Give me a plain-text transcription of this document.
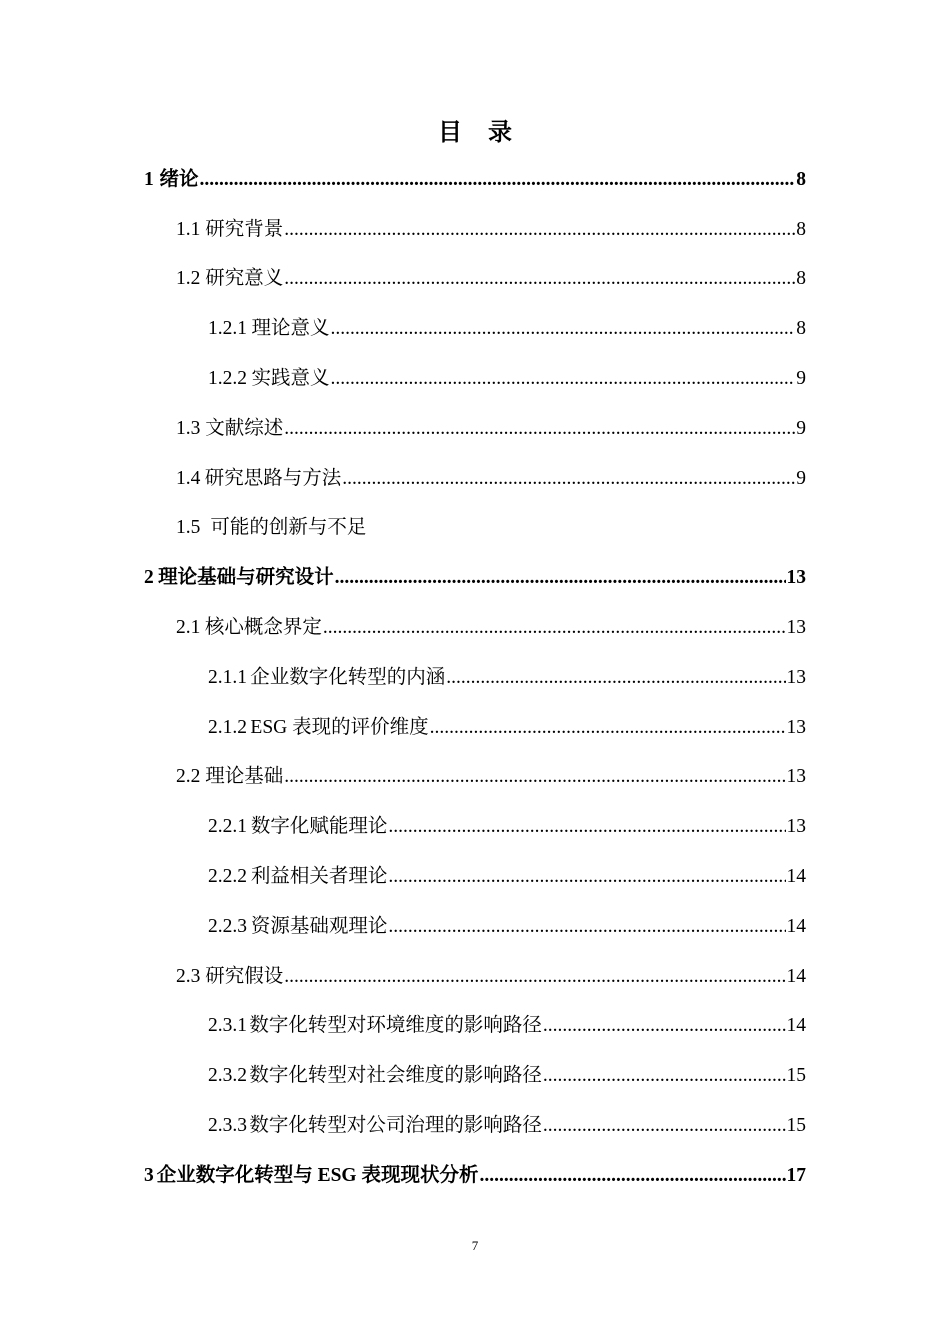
目 录
1 绪论 .....	8
1.1 研究背景 .....	8
1.2 研究意义 .....	8
1.2.1 理论意义 .....	8
1.2.2 实践意义 .....	9
1.3 文献综述 .....	9
1.4 研究思路与方法 .....	9
1.5 可能的创新与不足
2 理论基础与研究设计 .....	13
2.1 核心概念界定 .....	13
2.1.1 企业数字化转型的内涵 .....	13
2.1.2 ESG 表现的评价维度 .....	13
2.2 理论基础 .....	13
2.2.1 数字化赋能理论 .....	13
2.2.2 利益相关者理论 .....	14
2.2.3 资源基础观理论 .....	14
2.3 研究假设 .....	14
2.3.1 数字化转型对环境维度的影响路径 .....	14
2.3.2 数字化转型对社会维度的影响路径 .....	15
2.3.3 数字化转型对公司治理的影响路径 .....	15
3 企业数字化转型与 ESG 表现现状分析 .....	17
7
